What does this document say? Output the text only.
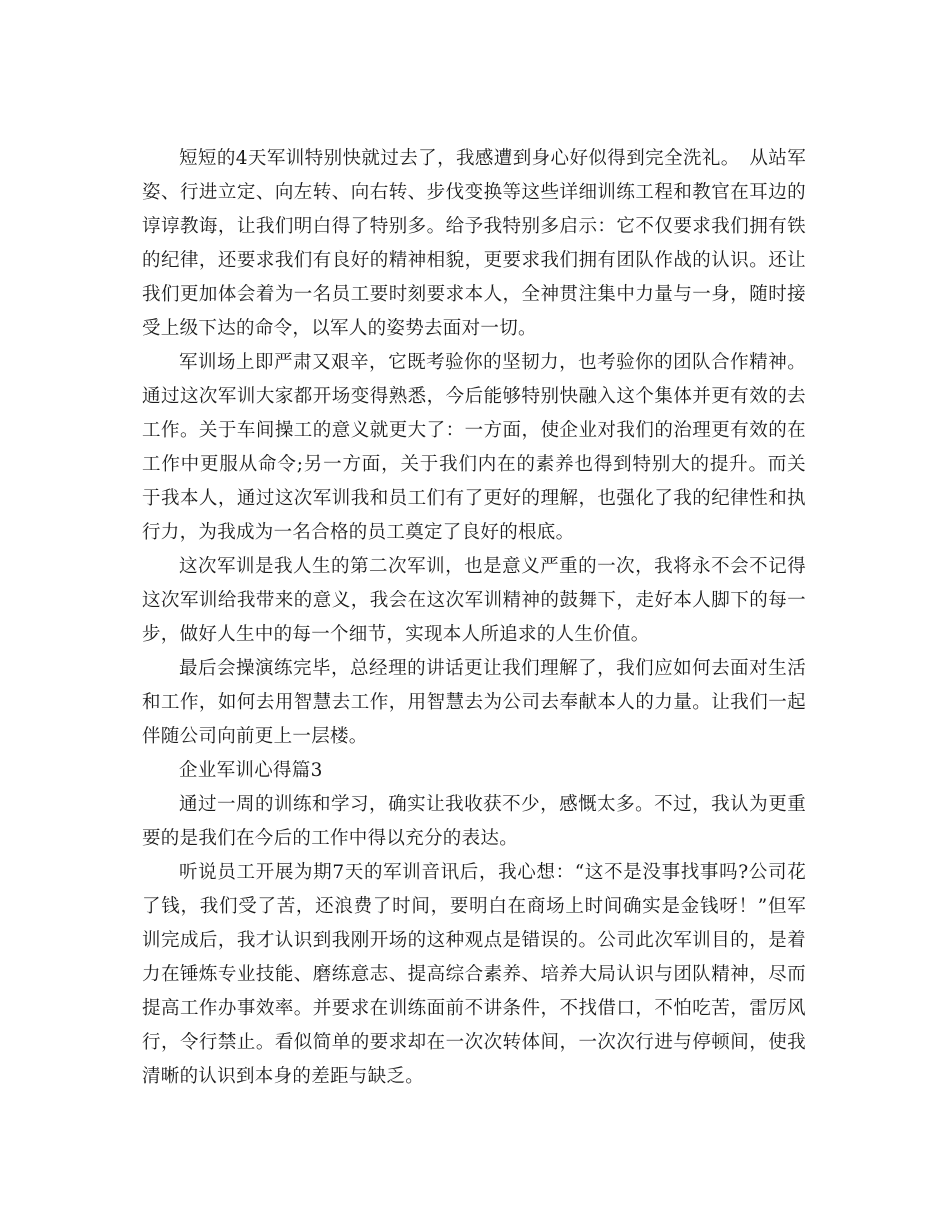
短短的4天军训特别快就过去了，我感遭到身心好似得到完全洗礼。　从站军姿、行进立定、向左转、向右转、步伐变换等这些详细训练工程和教官在耳边的谆谆教诲，让我们明白得了特别多。给予我特别多启示：它不仅要求我们拥有铁的纪律，还要求我们有良好的精神相貌，更要求我们拥有团队作战的认识。还让我们更加体会着为一名员工要时刻要求本人，全神贯注集中力量与一身，随时接受上级下达的命令，以军人的姿势去面对一切。

军训场上即严肃又艰辛，它既考验你的坚韧力，也考验你的团队合作精神。通过这次军训大家都开场变得熟悉，今后能够特别快融入这个集体并更有效的去工作。关于车间操工的意义就更大了：一方面，使企业对我们的治理更有效的在工作中更服从命令;另一方面，关于我们内在的素养也得到特别大的提升。而关于我本人，通过这次军训我和员工们有了更好的理解，也强化了我的纪律性和执行力，为我成为一名合格的员工奠定了良好的根底。

这次军训是我人生的第二次军训，也是意义严重的一次，我将永不会不记得这次军训给我带来的意义，我会在这次军训精神的鼓舞下，走好本人脚下的每一步，做好人生中的每一个细节，实现本人所追求的人生价值。

最后会操演练完毕，总经理的讲话更让我们理解了，我们应如何去面对生活和工作，如何去用智慧去工作，用智慧去为公司去奉献本人的力量。让我们一起伴随公司向前更上一层楼。

企业军训心得篇3

通过一周的训练和学习，确实让我收获不少，感慨太多。不过，我认为更重要的是我们在今后的工作中得以充分的表达。

听说员工开展为期7天的军训音讯后，我心想：“这不是没事找事吗?公司花了钱，我们受了苦，还浪费了时间，要明白在商场上时间确实是金钱呀！”但军训完成后，我才认识到我刚开场的这种观点是错误的。公司此次军训目的，是着力在锤炼专业技能、磨练意志、提高综合素养、培养大局认识与团队精神，尽而提高工作办事效率。并要求在训练面前不讲条件，不找借口，不怕吃苦，雷厉风行，令行禁止。看似简单的要求却在一次次转体间，一次次行进与停顿间，使我清晰的认识到本身的差距与缺乏。
